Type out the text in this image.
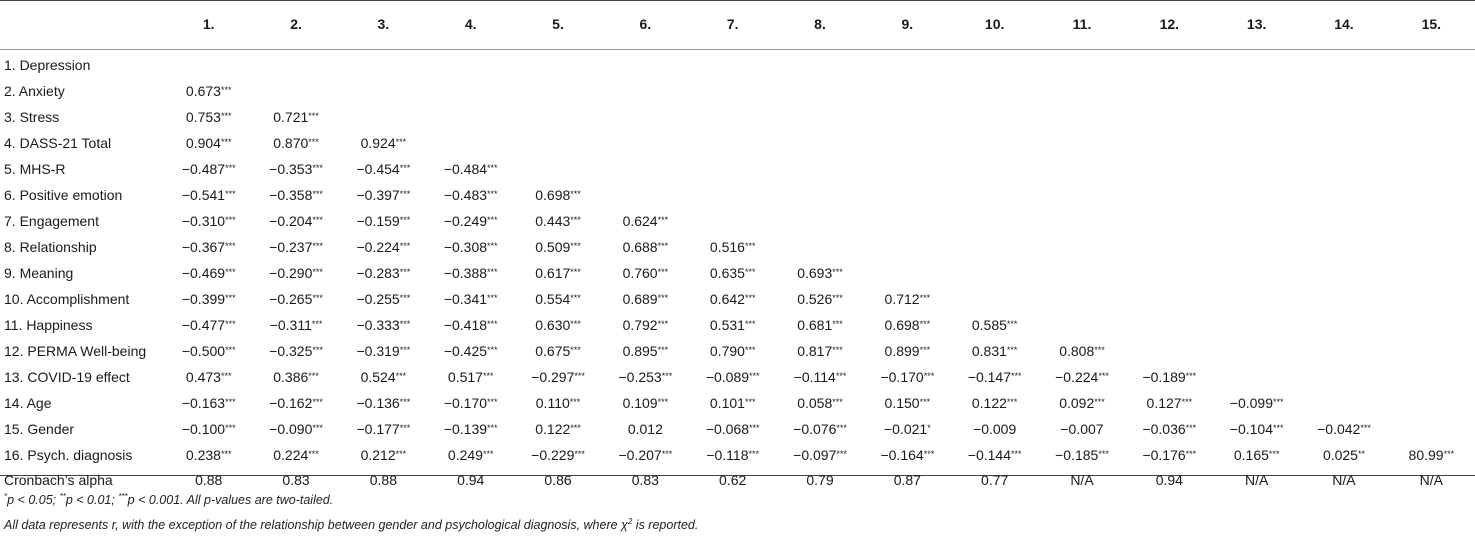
	1.	2.	3.	4.	5.	6.	7.	8.	9.	10.	11.	12.	13.	14.	15.
1. Depression															
2. Anxiety	0.673***														
3. Stress	0.753***	0.721***													
4. DASS-21 Total	0.904***	0.870***	0.924***												
5. MHS-R	−0.487***	−0.353***	−0.454***	−0.484***											
6. Positive emotion	−0.541***	−0.358***	−0.397***	−0.483***	0.698***										
7. Engagement	−0.310***	−0.204***	−0.159***	−0.249***	0.443***	0.624***									
8. Relationship	−0.367***	−0.237***	−0.224***	−0.308***	0.509***	0.688***	0.516***								
9. Meaning	−0.469***	−0.290***	−0.283***	−0.388***	0.617***	0.760***	0.635***	0.693***							
10. Accomplishment	−0.399***	−0.265***	−0.255***	−0.341***	0.554***	0.689***	0.642***	0.526***	0.712***						
11. Happiness	−0.477***	−0.311***	−0.333***	−0.418***	0.630***	0.792***	0.531***	0.681***	0.698***	0.585***					
12. PERMA Well-being	−0.500***	−0.325***	−0.319***	−0.425***	0.675***	0.895***	0.790***	0.817***	0.899***	0.831***	0.808***				
13. COVID-19 effect	0.473***	0.386***	0.524***	0.517***	−0.297***	−0.253***	−0.089***	−0.114***	−0.170***	−0.147***	−0.224***	−0.189***			
14. Age	−0.163***	−0.162***	−0.136***	−0.170***	0.110***	0.109***	0.101***	0.058***	0.150***	0.122***	0.092***	0.127***	−0.099***		
15. Gender	−0.100***	−0.090***	−0.177***	−0.139***	0.122***	0.012	−0.068***	−0.076***	−0.021*	−0.009	−0.007	−0.036***	−0.104***	−0.042***	
16. Psych. diagnosis	0.238***	0.224***	0.212***	0.249***	−0.229***	−0.207***	−0.118***	−0.097***	−0.164***	−0.144***	−0.185***	−0.176***	0.165***	0.025**	80.99***
Cronbach’s alpha	0.88	0.83	0.88	0.94	0.86	0.83	0.62	0.79	0.87	0.77	N/A	0.94	N/A	N/A	N/A
*p < 0.05; **p < 0.01; ***p < 0.001. All p-values are two-tailed.
All data represents r, with the exception of the relationship between gender and psychological diagnosis, where $\chi^2$ is reported.
